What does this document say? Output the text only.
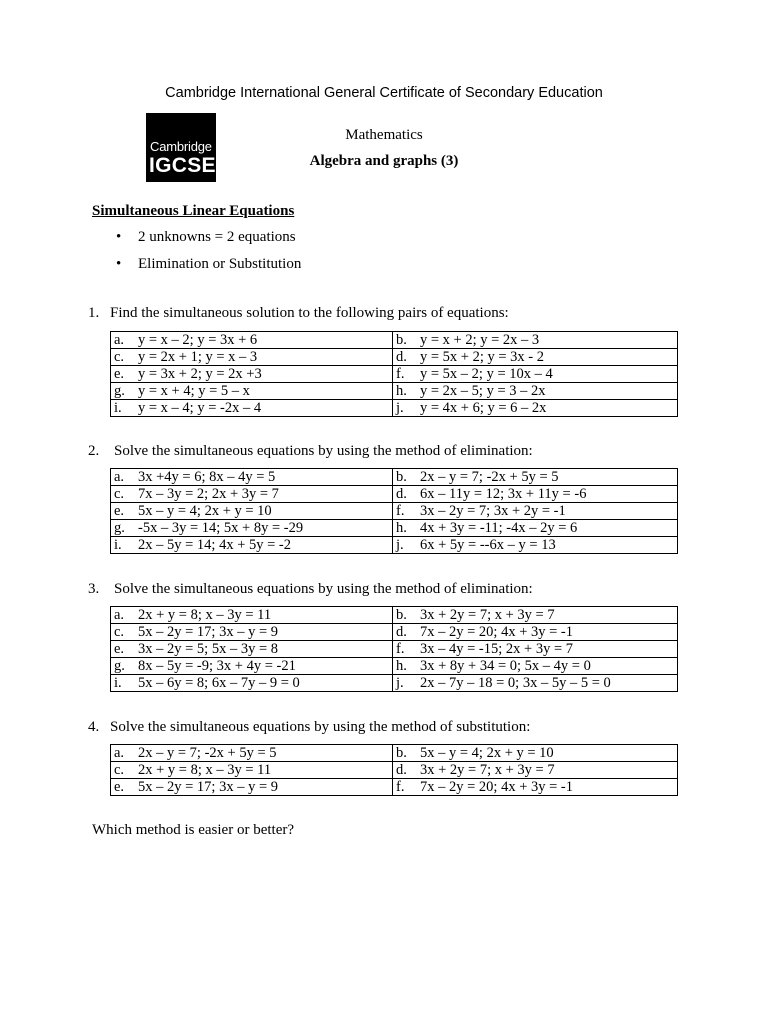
Cambridge International General Certificate of Secondary Education
Cambridge
IGCSE
Mathematics
Algebra and graphs (3)
Simultaneous Linear Equations
• 2 unknowns = 2 equations
• Elimination or Substitution
1. Find the simultaneous solution to the following pairs of equations:
a. y = x – 2; y = 3x + 6	b. y = x + 2; y = 2x – 3
c. y = 2x + 1; y = x – 3	d. y = 5x + 2; y = 3x - 2
e. y = 3x + 2; y = 2x +3	f. y = 5x – 2; y = 10x – 4
g. y = x + 4; y = 5 – x	h. y = 2x – 5; y = 3 – 2x
i. y = x – 4; y = -2x – 4	j. y = 4x + 6; y = 6 – 2x
2. Solve the simultaneous equations by using the method of elimination:
a. 3x +4y = 6; 8x – 4y = 5	b. 2x – y = 7; -2x + 5y = 5
c. 7x – 3y = 2; 2x + 3y = 7	d. 6x – 11y = 12; 3x + 11y = -6
e. 5x – y = 4; 2x + y = 10	f. 3x – 2y = 7; 3x + 2y = -1
g. -5x – 3y = 14; 5x + 8y = -29	h. 4x + 3y = -11; -4x – 2y = 6
i. 2x – 5y = 14; 4x + 5y = -2	j. 6x + 5y = --6x – y = 13
3. Solve the simultaneous equations by using the method of elimination:
a. 2x + y = 8; x – 3y = 11	b. 3x + 2y = 7; x + 3y = 7
c. 5x – 2y = 17; 3x – y = 9	d. 7x – 2y = 20; 4x + 3y = -1
e. 3x – 2y = 5; 5x – 3y = 8	f. 3x – 4y = -15; 2x + 3y = 7
g. 8x – 5y = -9; 3x + 4y = -21	h. 3x + 8y + 34 = 0; 5x – 4y = 0
i. 5x – 6y = 8; 6x – 7y – 9 = 0	j. 2x – 7y – 18 = 0; 3x – 5y – 5 = 0
4. Solve the simultaneous equations by using the method of substitution:
a. 2x – y = 7; -2x + 5y = 5	b. 5x – y = 4; 2x + y = 10
c. 2x + y = 8; x – 3y = 11	d. 3x + 2y = 7; x + 3y = 7
e. 5x – 2y = 17; 3x – y = 9	f. 7x – 2y = 20; 4x + 3y = -1
Which method is easier or better?
